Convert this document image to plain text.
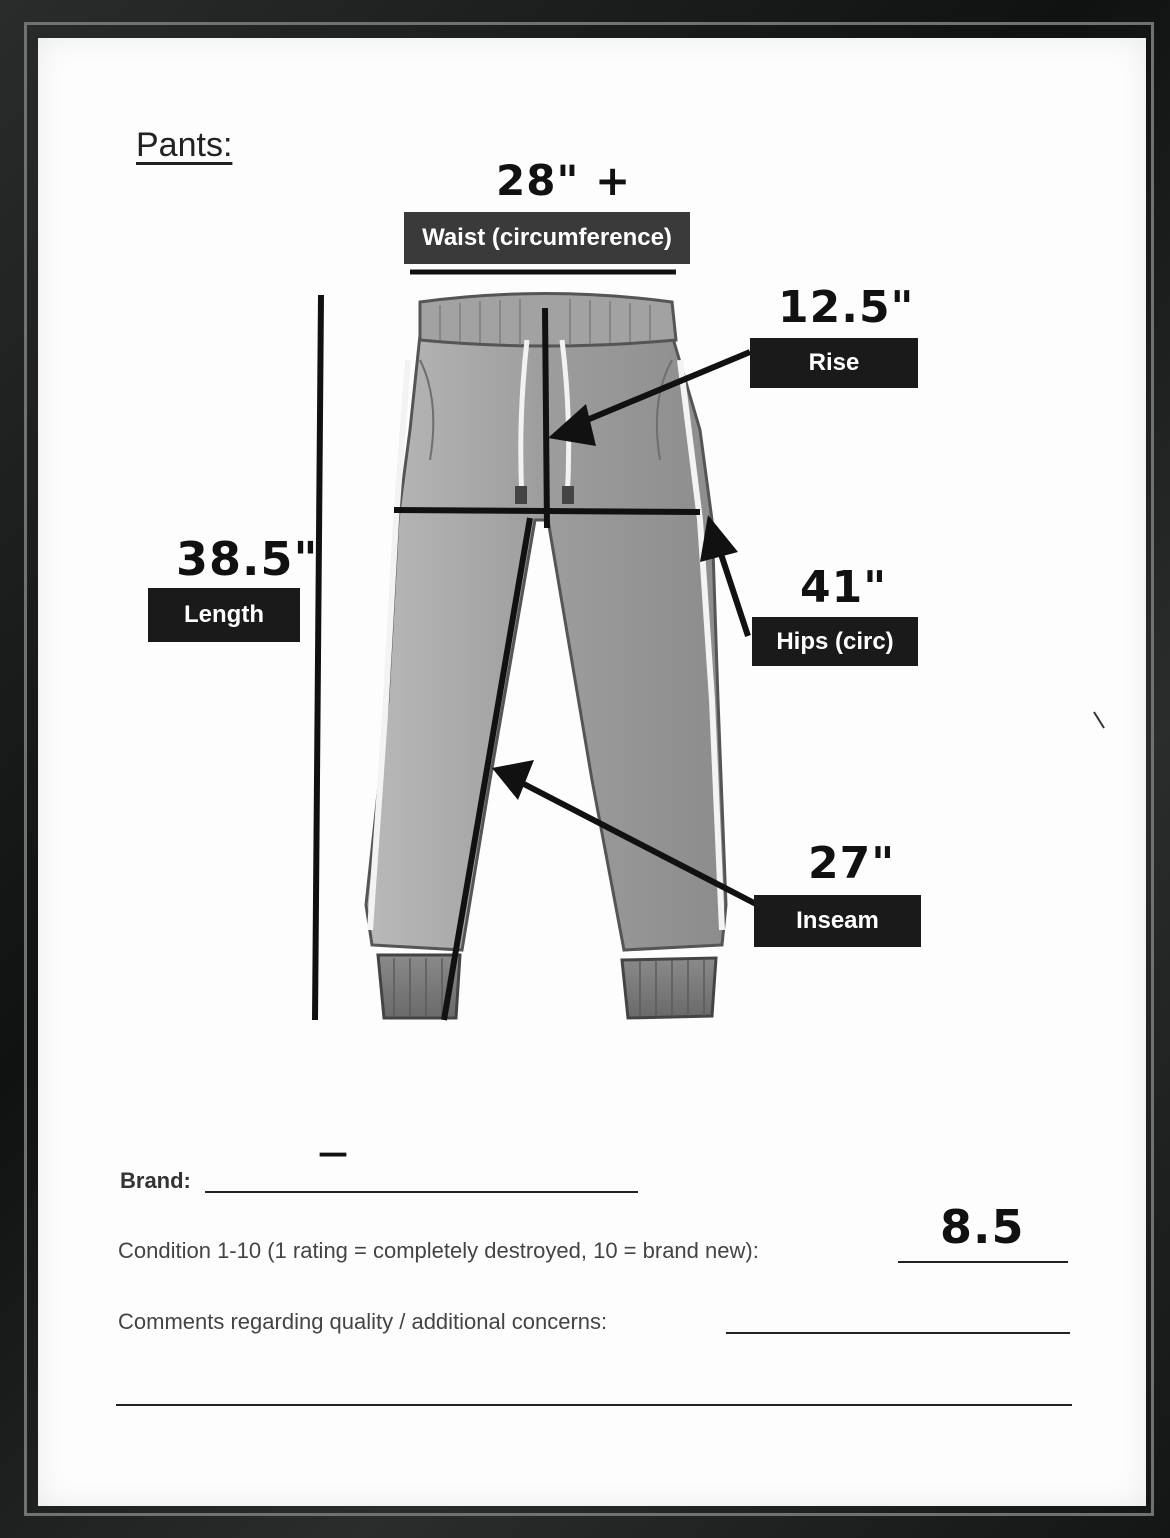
Pants:
28" +
Waist (circumference)
12.5"
Rise
38.5"
Length
41"
Hips (circ)
27"
Inseam
Brand:
—
Condition 1-10 (1 rating = completely destroyed, 10 = brand new):	8.5
Comments regarding quality / additional concerns:
